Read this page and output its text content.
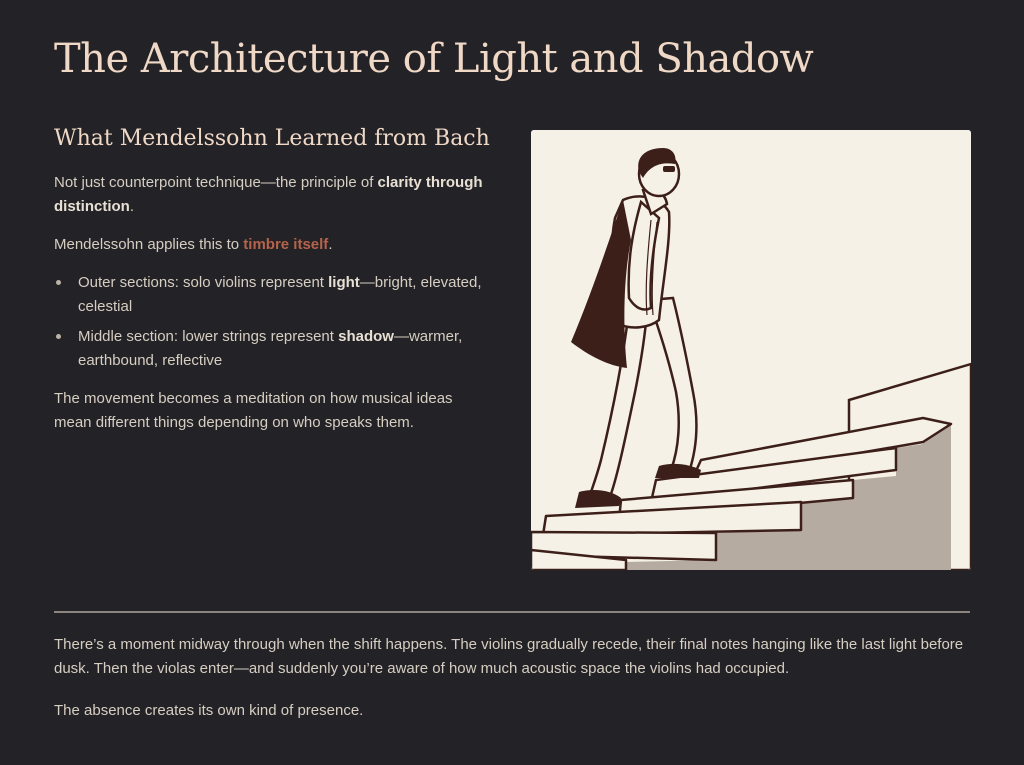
The Architecture of Light and Shadow
What Mendelssohn Learned from Bach

Not just counterpoint technique—the principle of clarity through distinction.

Mendelssohn applies this to timbre itself.

Outer sections: solo violins represent light—bright, elevated, celestial
Middle section: lower strings represent shadow—warmer, earthbound, reflective

The movement becomes a meditation on how musical ideas mean different things depending on who speaks them.

There’s a moment midway through when the shift happens. The violins gradually recede, their final notes hanging like the last light before dusk. Then the violas enter—and suddenly you’re aware of how much acoustic space the violins had occupied.

The absence creates its own kind of presence.
